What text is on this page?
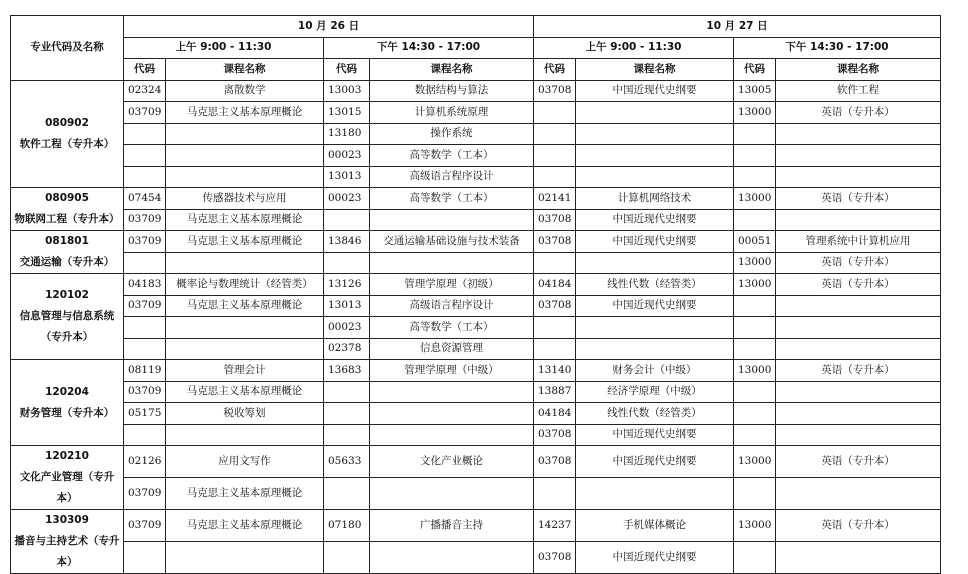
专业代码及名称	10 月 26 日				10 月 27 日			
	上午 9:00 - 11:30		下午 14:30 - 17:00		上午 9:00 - 11:30		下午 14:30 - 17:00	
	代码	课程名称	代码	课程名称	代码	课程名称	代码	课程名称

080902
软件工程（专升本）	02324	离散数学	13003	数据结构与算法	03708	中国近现代史纲要	13005	软件工程
	03709	马克思主义基本原理概论	13015	计算机系统原理			13000	英语（专升本）
			13180	操作系统				
			00023	高等数学（工本）				
			13013	高级语言程序设计				

080905
物联网工程（专升本）	07454	传感器技术与应用	00023	高等数学（工本）	02141	计算机网络技术	13000	英语（专升本）
	03709	马克思主义基本原理概论			03708	中国近现代史纲要		

081801
交通运输（专升本）	03709	马克思主义基本原理概论	13846	交通运输基础设施与技术装备	03708	中国近现代史纲要	00051	管理系统中计算机应用
							13000	英语（专升本）

120102
信息管理与信息系统（专升本）	04183	概率论与数理统计（经管类）	13126	管理学原理（初级）	04184	线性代数（经管类）	13000	英语（专升本）
	03709	马克思主义基本原理概论	13013	高级语言程序设计	03708	中国近现代史纲要		
			00023	高等数学（工本）				
			02378	信息资源管理				

120204
财务管理（专升本）	08119	管理会计	13683	管理学原理（中级）	13140	财务会计（中级）	13000	英语（专升本）
	03709	马克思主义基本原理概论			13887	经济学原理（中级）		
	05175	税收筹划			04184	线性代数（经管类）		
					03708	中国近现代史纲要		

120210
文化产业管理（专升本）	02126	应用文写作	05633	文化产业概论	03708	中国近现代史纲要	13000	英语（专升本）
	03709	马克思主义基本原理概论						

130309
播音与主持艺术（专升本）	03709	马克思主义基本原理概论	07180	广播播音主持	14237	手机媒体概论	13000	英语（专升本）
					03708	中国近现代史纲要		
